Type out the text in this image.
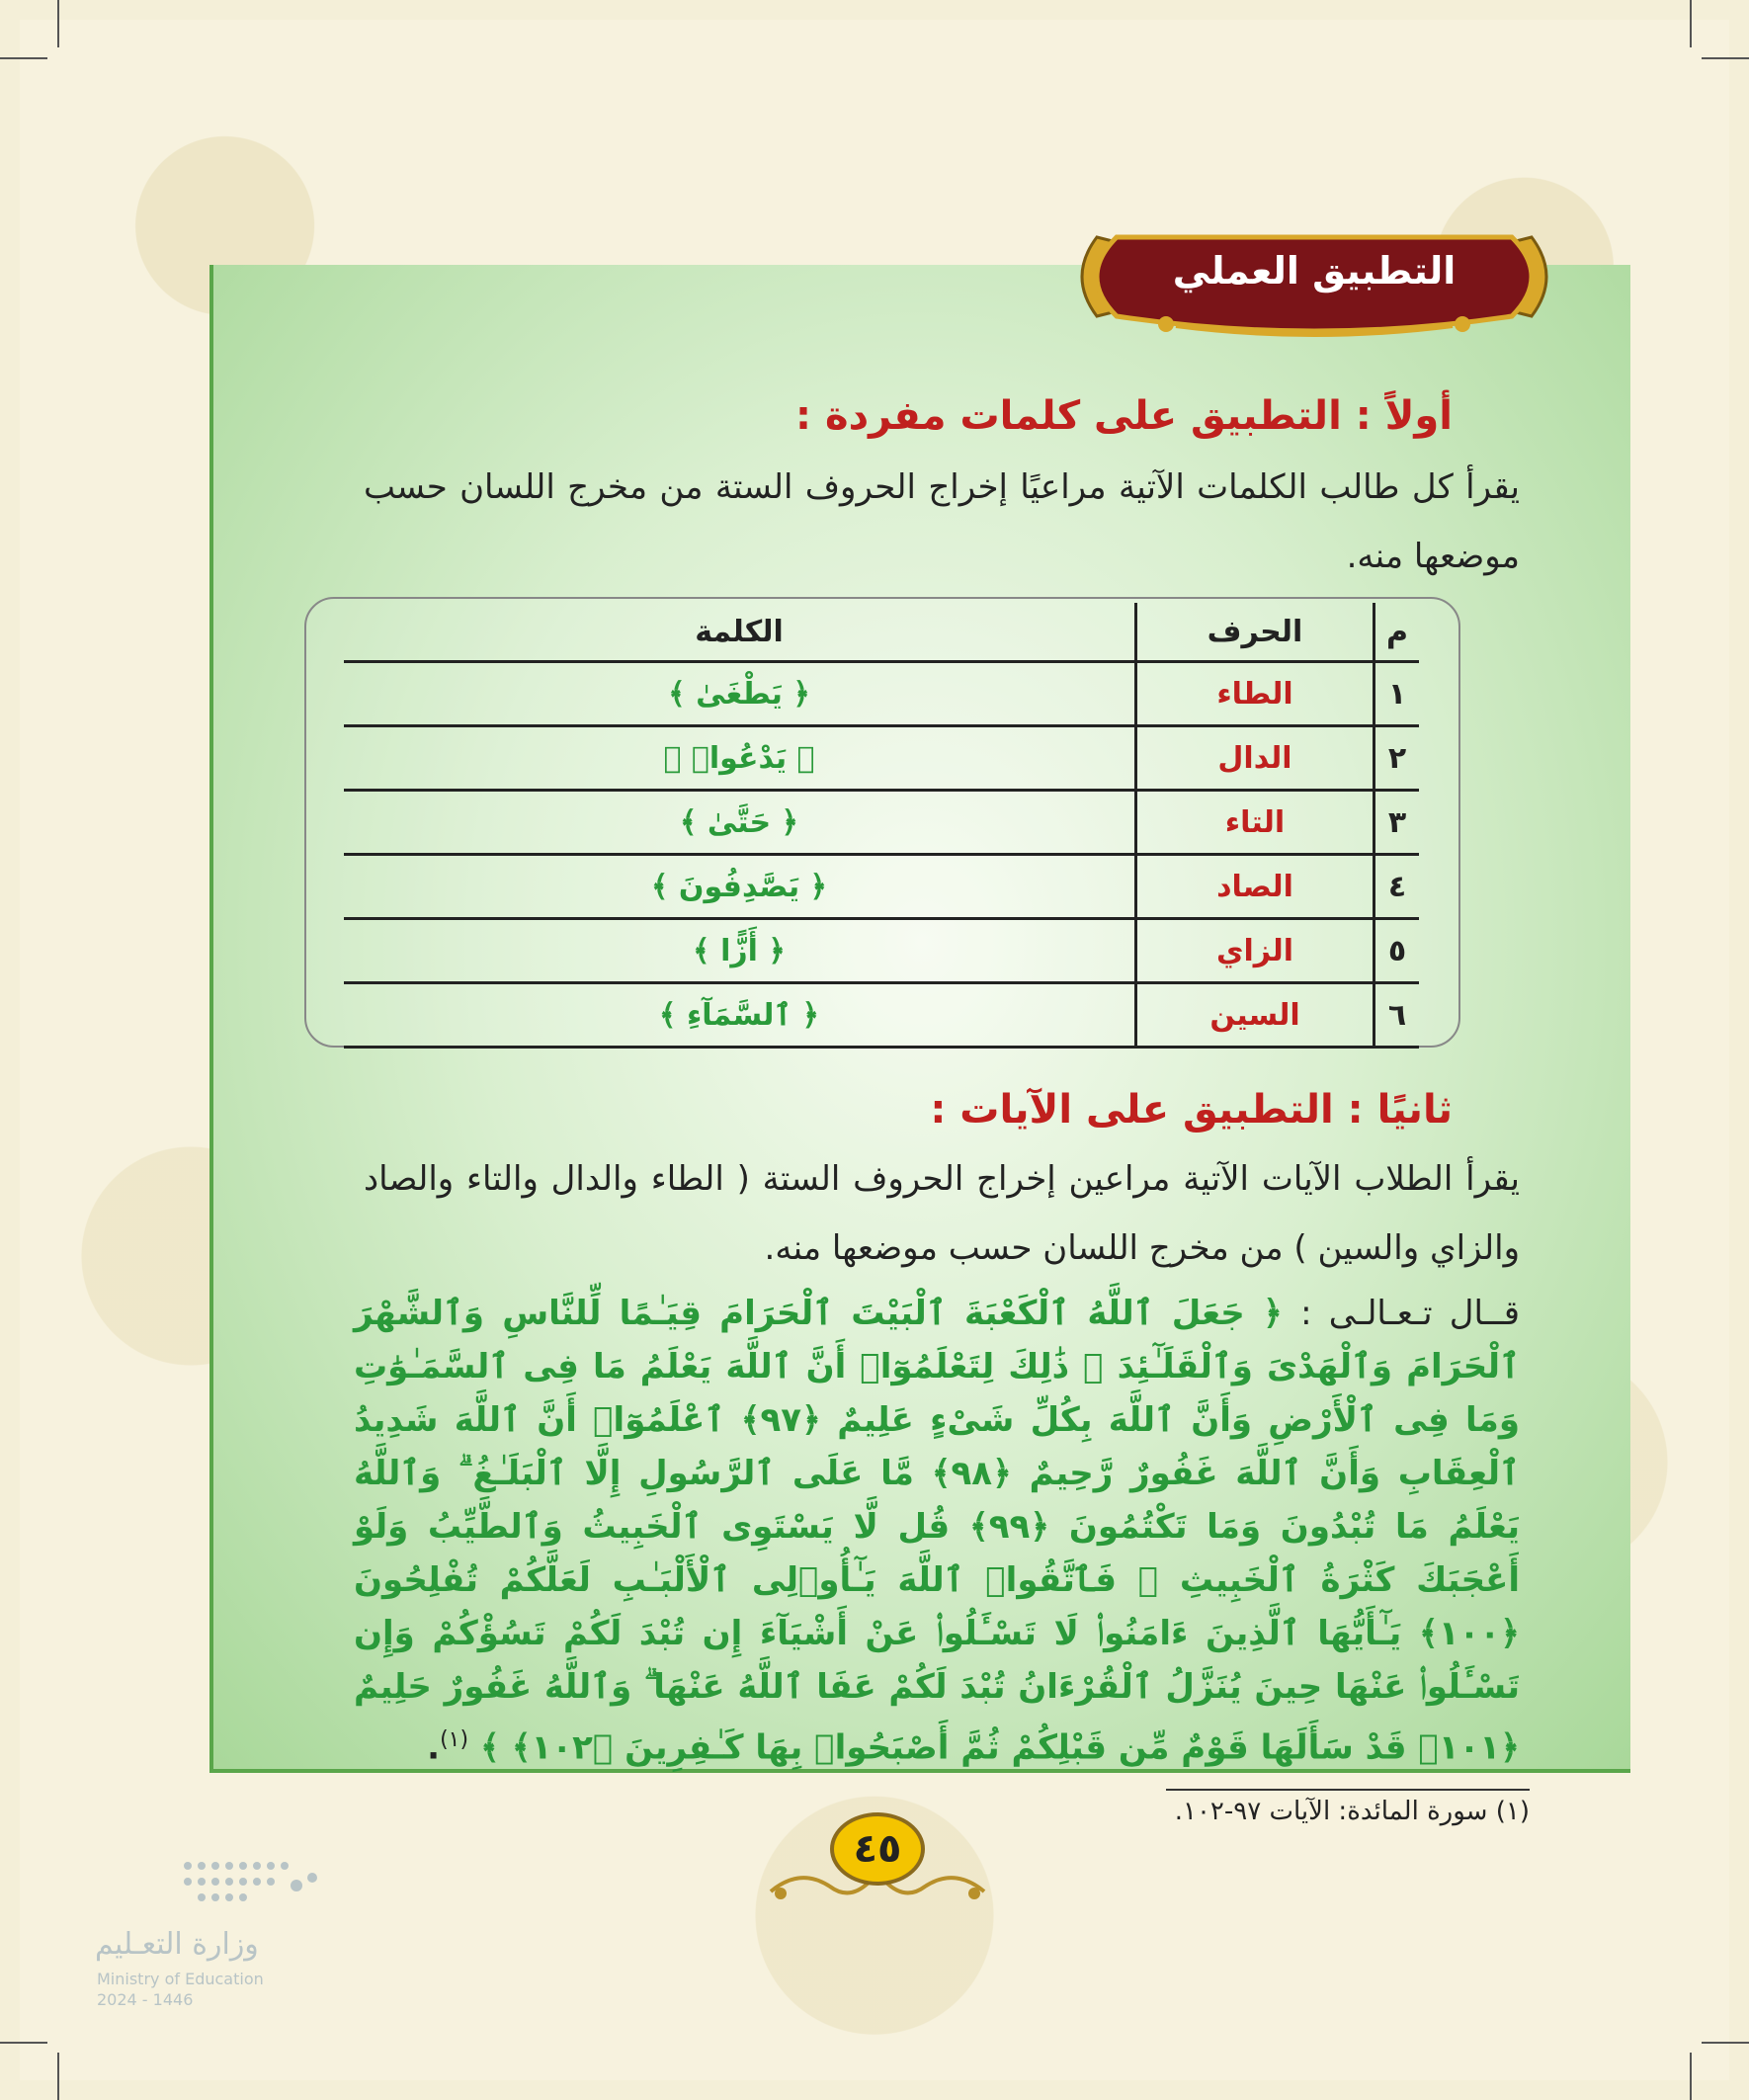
التطبيق العملي
أولاً : التطبيق على كلمات مفردة :
يقرأ كل طالب الكلمات الآتية مراعيًا إخراج الحروف الستة من مخرج اللسان حسب موضعها منه.
م	الحرف	الكلمة
١	الطاء	﴿ يَطْغَىٰ ﴾
٢	الدال	﴿ يَدْعُوا۟ ﴾
٣	التاء	﴿ حَتَّىٰ ﴾
٤	الصاد	﴿ يَصَّدِفُونَ ﴾
٥	الزاي	﴿ أَزًّا ﴾
٦	السين	﴿ ٱلسَّمَآءِ ﴾
ثانيًا : التطبيق على الآيات :
يقرأ الطلاب الآيات الآتية مراعين إخراج الحروف الستة ( الطاء والدال والتاء والصاد والزاي والسين ) من مخرج اللسان حسب موضعها منه.
قــال تـعـالـى : ﴿ جَعَلَ ٱللَّهُ ٱلْكَعْبَةَ ٱلْبَيْتَ ٱلْحَرَامَ قِيَـٰمًا لِّلنَّاسِ وَٱلشَّهْرَ ٱلْحَرَامَ وَٱلْهَدْىَ وَٱلْقَلَـٰٓئِدَ ۚ ذَٰلِكَ لِتَعْلَمُوٓا۟ أَنَّ ٱللَّهَ يَعْلَمُ مَا فِى ٱلسَّمَـٰوَٰتِ وَمَا فِى ٱلْأَرْضِ وَأَنَّ ٱللَّهَ بِكُلِّ شَىْءٍ عَلِيمٌ ﴿٩٧﴾ ٱعْلَمُوٓا۟ أَنَّ ٱللَّهَ شَدِيدُ ٱلْعِقَابِ وَأَنَّ ٱللَّهَ غَفُورٌ رَّحِيمٌ ﴿٩٨﴾ مَّا عَلَى ٱلرَّسُولِ إِلَّا ٱلْبَلَـٰغُ ۗ وَٱللَّهُ يَعْلَمُ مَا تُبْدُونَ وَمَا تَكْتُمُونَ ﴿٩٩﴾ قُل لَّا يَسْتَوِى ٱلْخَبِيثُ وَٱلطَّيِّبُ وَلَوْ أَعْجَبَكَ كَثْرَةُ ٱلْخَبِيثِ ۚ فَٱتَّقُوا۟ ٱللَّهَ يَـٰٓأُو۟لِى ٱلْأَلْبَـٰبِ لَعَلَّكُمْ تُفْلِحُونَ ﴿١٠٠﴾ يَـٰٓأَيُّهَا ٱلَّذِينَ ءَامَنُوا۟ لَا تَسْـَٔلُوا۟ عَنْ أَشْيَآءَ إِن تُبْدَ لَكُمْ تَسُؤْكُمْ وَإِن تَسْـَٔلُوا۟ عَنْهَا حِينَ يُنَزَّلُ ٱلْقُرْءَانُ تُبْدَ لَكُمْ عَفَا ٱللَّهُ عَنْهَا ۗ وَٱللَّهُ غَفُورٌ حَلِيمٌ ﴿١٠١﴾ قَدْ سَأَلَهَا قَوْمٌ مِّن قَبْلِكُمْ ثُمَّ أَصْبَحُوا۟ بِهَا كَـٰفِرِينَ ﴿١٠٢﴾ ﴾ $^{(١)}$.
(١) سورة المائدة: الآيات ٩٧-١٠٢.
٤٥
وزارة التعـليم
Ministry of Education
2024 - 1446
